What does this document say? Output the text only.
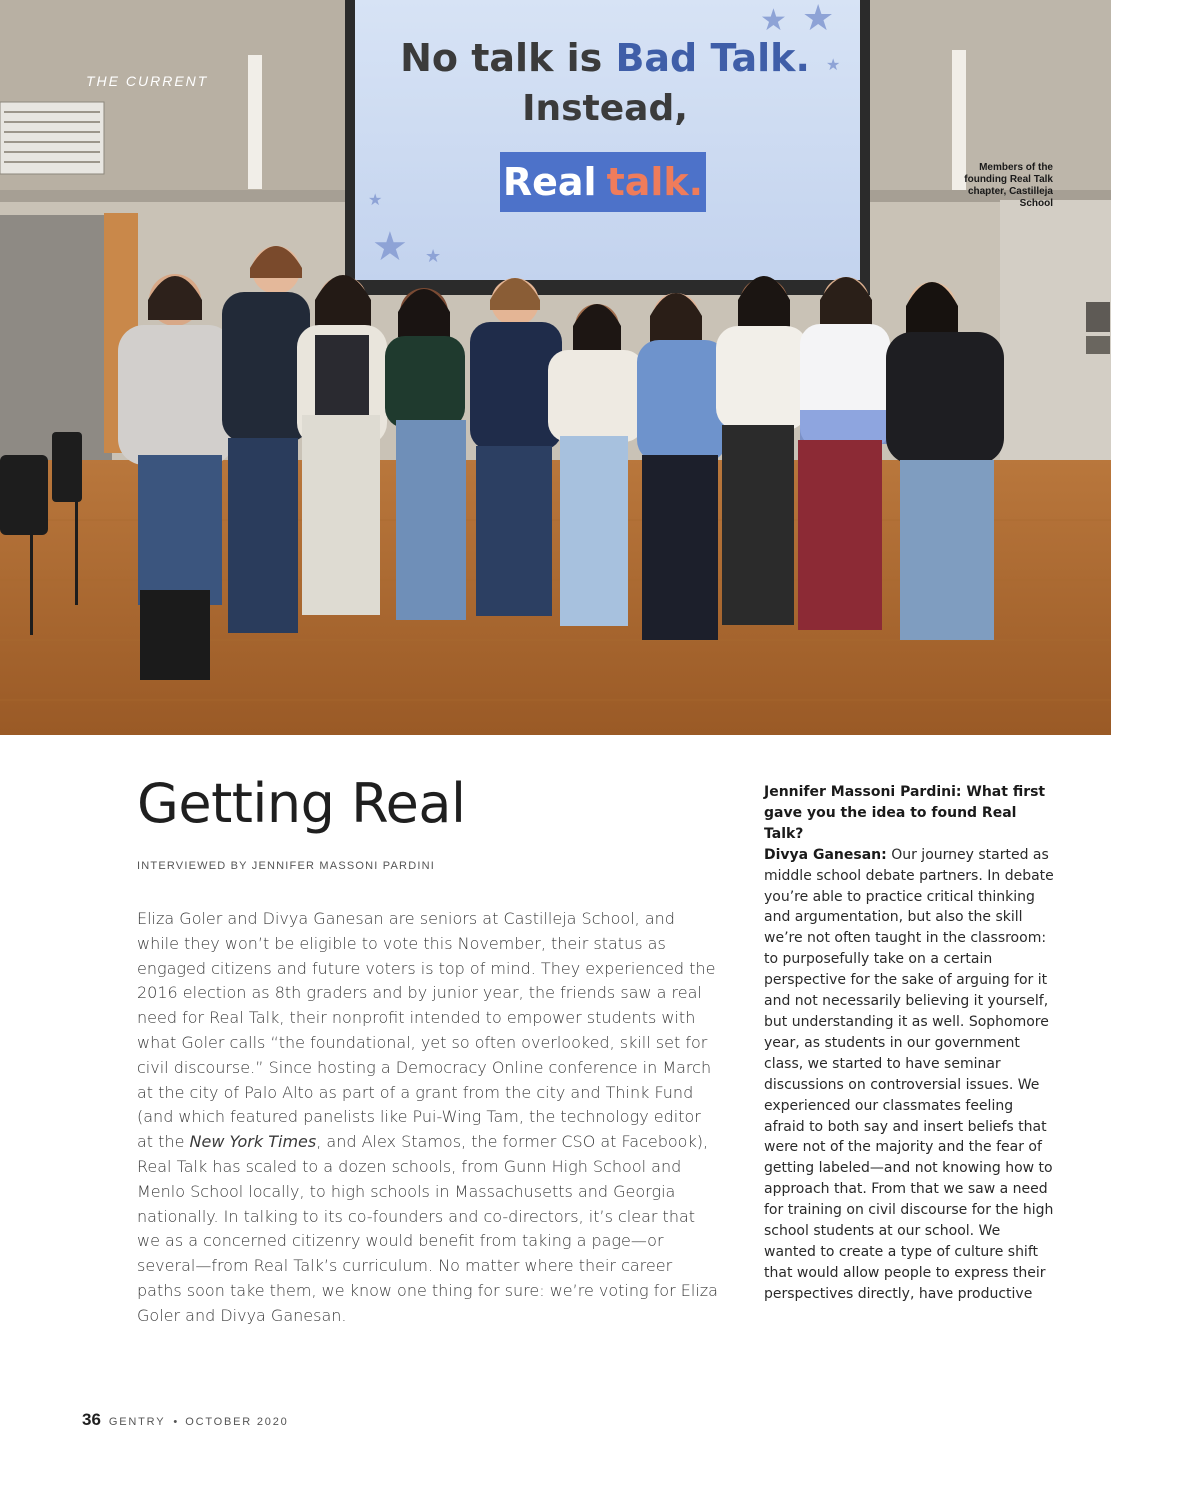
★ ★
★
★
★
★
THE CURRENT
No talk is Bad Talk.
Instead,
Real talk.	Members of the founding Real Talk chapter, Castilleja School
Getting Real
INTERVIEWED BY JENNIFER MASSONI PARDINI

Eliza Goler and Divya Ganesan are seniors at Castilleja School, and while they won’t be eligible to vote this November, their status as engaged citizens and future voters is top of mind. They experienced the 2016 election as 8th graders and by junior year, the friends saw a real need for Real Talk, their nonprofit intended to empower students with what Goler calls “the foundational, yet so often overlooked, skill set for civil discourse.” Since hosting a Democracy Online conference in March at the city of Palo Alto as part of a grant from the city and Think Fund (and which featured panelists like Pui-Wing Tam, the technology editor at the New York Times, and Alex Stamos, the former CSO at Facebook), Real Talk has scaled to a dozen schools, from Gunn High School and Menlo School locally, to high schools in Massachusetts and Georgia nationally. In talking to its co-founders and co-directors, it’s clear that we as a concerned citizenry would benefit from taking a page—or several—from Real Talk’s curriculum. No matter where their career paths soon take them, we know one thing for sure: we’re voting for Eliza Goler and Divya Ganesan.

Jennifer Massoni Pardini: What first gave you the idea to found Real Talk?
Divya Ganesan: Our journey started as middle school debate partners. In debate you’re able to practice critical thinking and argumentation, but also the skill we’re not often taught in the classroom: to purposefully take on a certain perspective for the sake of arguing for it and not necessarily believing it yourself, but understanding it as well. Sophomore year, as students in our government class, we started to have seminar discussions on controversial issues. We experienced our classmates feeling afraid to both say and insert beliefs that were not of the majority and the fear of getting labeled—and not knowing how to approach that. From that we saw a need for training on civil discourse for the high school students at our school. We wanted to create a type of culture shift that would allow people to express their perspectives directly, have productive
36 GENTRY • OCTOBER 2020
